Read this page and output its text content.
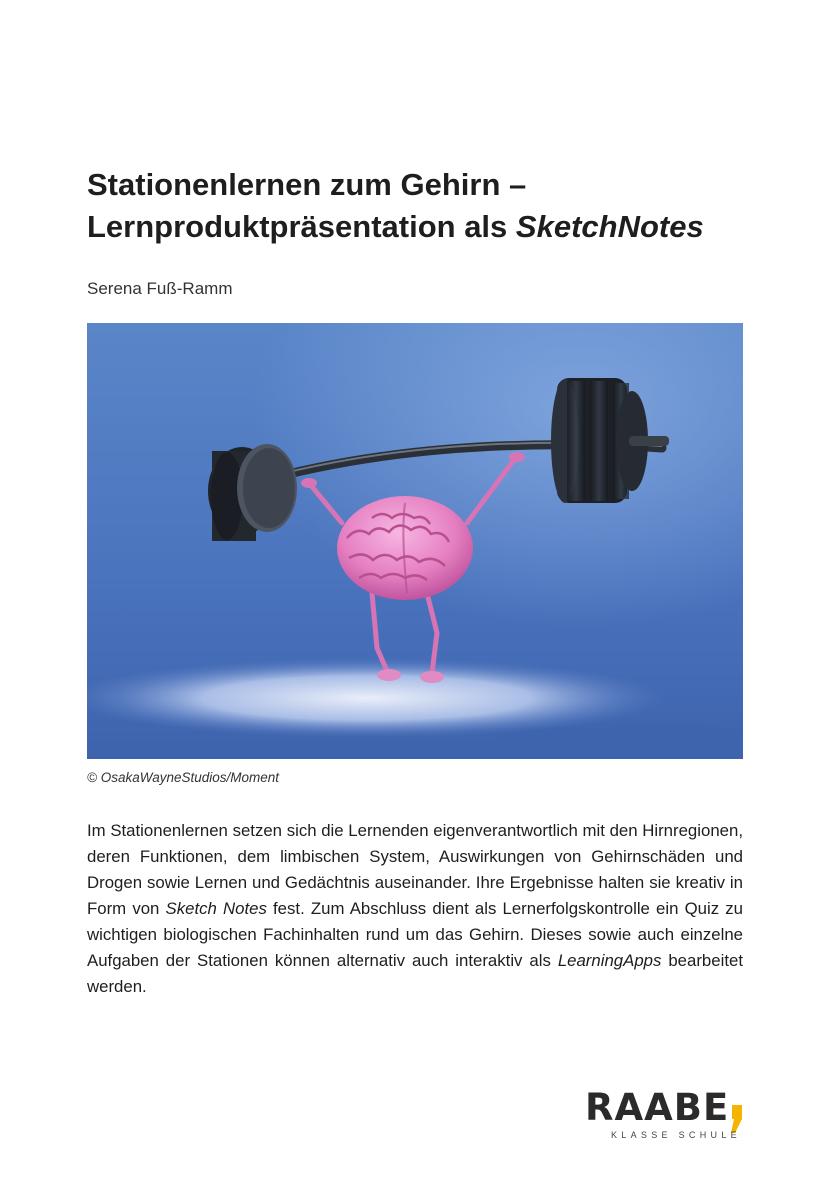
Stationenlernen zum Gehirn –
Lernproduktpräsentation als SketchNotes
Serena Fuß-Ramm
© OsakaWayneStudios/Moment

Im Stationenlernen setzen sich die Lernenden eigenverantwortlich mit den Hirnregionen, deren Funktionen, dem limbischen System, Auswirkungen von Gehirnschäden und Drogen sowie Lernen und Gedächtnis auseinander. Ihre Ergebnisse halten sie kreativ in Form von Sketch Notes fest. Zum Abschluss dient als Lernerfolgskontrolle ein Quiz zu wichtigen biologischen Fachinhalten rund um das Gehirn. Dieses sowie auch einzelne Aufgaben der Stationen können alternativ auch interaktiv als LearningApps bearbeitet werden.

RAABE
KLASSE SCHULE
